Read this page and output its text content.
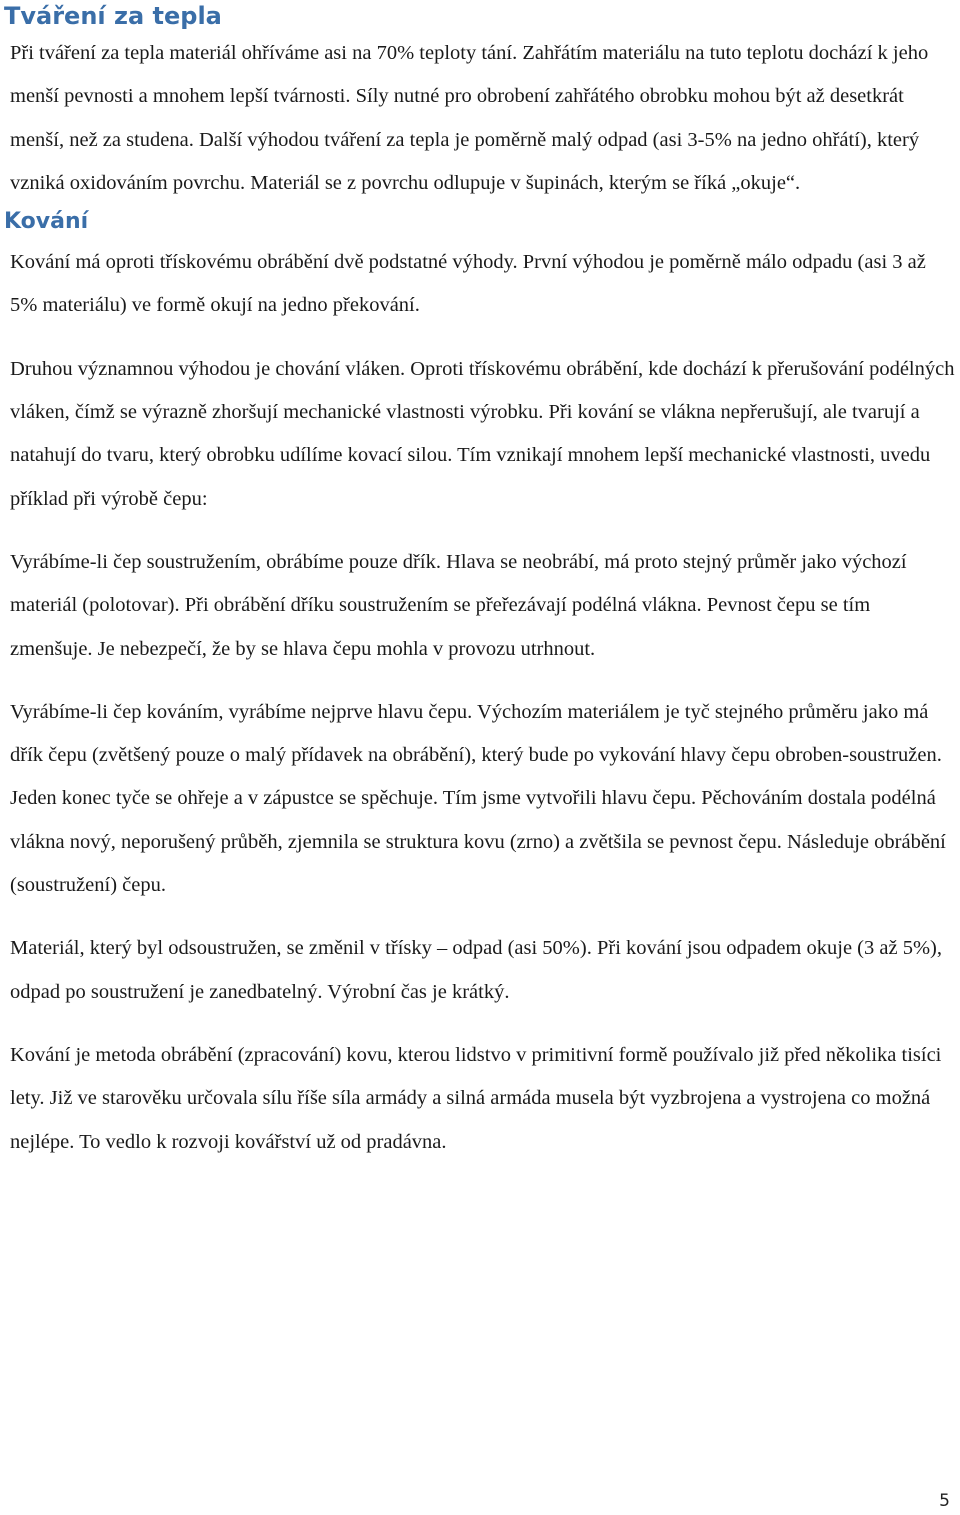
Tváření za tepla

Při tváření za tepla materiál ohříváme asi na 70% teploty tání. Zahřátím materiálu na tuto teplotu dochází k jeho menší pevnosti a mnohem lepší tvárnosti. Síly nutné pro obrobení zahřátého obrobku mohou být až desetkrát menší, než za studena. Další výhodou tváření za tepla je poměrně malý odpad (asi 3-5% na jedno ohřátí), který vzniká oxidováním povrchu. Materiál se z povrchu odlupuje v šupinách, kterým se říká „okuje“.

Kování

Kování má oproti třískovému obrábění dvě podstatné výhody. První výhodou je poměrně málo odpadu (asi 3 až 5% materiálu) ve formě okují na jedno překování.

Druhou významnou výhodou je chování vláken. Oproti třískovému obrábění, kde dochází k přerušování podélných vláken, čímž se výrazně zhoršují mechanické vlastnosti výrobku. Při kování se vlákna nepřerušují, ale tvarují a natahují do tvaru, který obrobku udílíme kovací silou. Tím vznikají mnohem lepší mechanické vlastnosti, uvedu příklad při výrobě čepu:

Vyrábíme-li čep soustružením, obrábíme pouze dřík. Hlava se neobrábí, má proto stejný průměr jako výchozí materiál (polotovar). Při obrábění dříku soustružením se přeřezávají podélná vlákna. Pevnost čepu se tím zmenšuje. Je nebezpečí, že by se hlava čepu mohla v provozu utrhnout.

Vyrábíme-li čep kováním, vyrábíme nejprve hlavu čepu. Výchozím materiálem je tyč stejného průměru jako má dřík čepu (zvětšený pouze o malý přídavek na obrábění), který bude po vykování hlavy čepu obroben-soustružen. Jeden konec tyče se ohřeje a v zápustce se spěchuje. Tím jsme vytvořili hlavu čepu. Pěchováním dostala podélná vlákna nový, neporušený průběh, zjemnila se struktura kovu (zrno) a zvětšila se pevnost čepu. Následuje obrábění (soustružení) čepu.

Materiál, který byl odsoustružen, se změnil v třísky – odpad (asi 50%). Při kování jsou odpadem okuje (3 až 5%), odpad po soustružení je zanedbatelný. Výrobní čas je krátký.

Kování je metoda obrábění (zpracování) kovu, kterou lidstvo v primitivní formě používalo již před několika tisíci lety. Již ve starověku určovala sílu říše síla armády a silná armáda musela být vyzbrojena a vystrojena co možná nejlépe. To vedlo k rozvoji kovářství už od pradávna.

5
